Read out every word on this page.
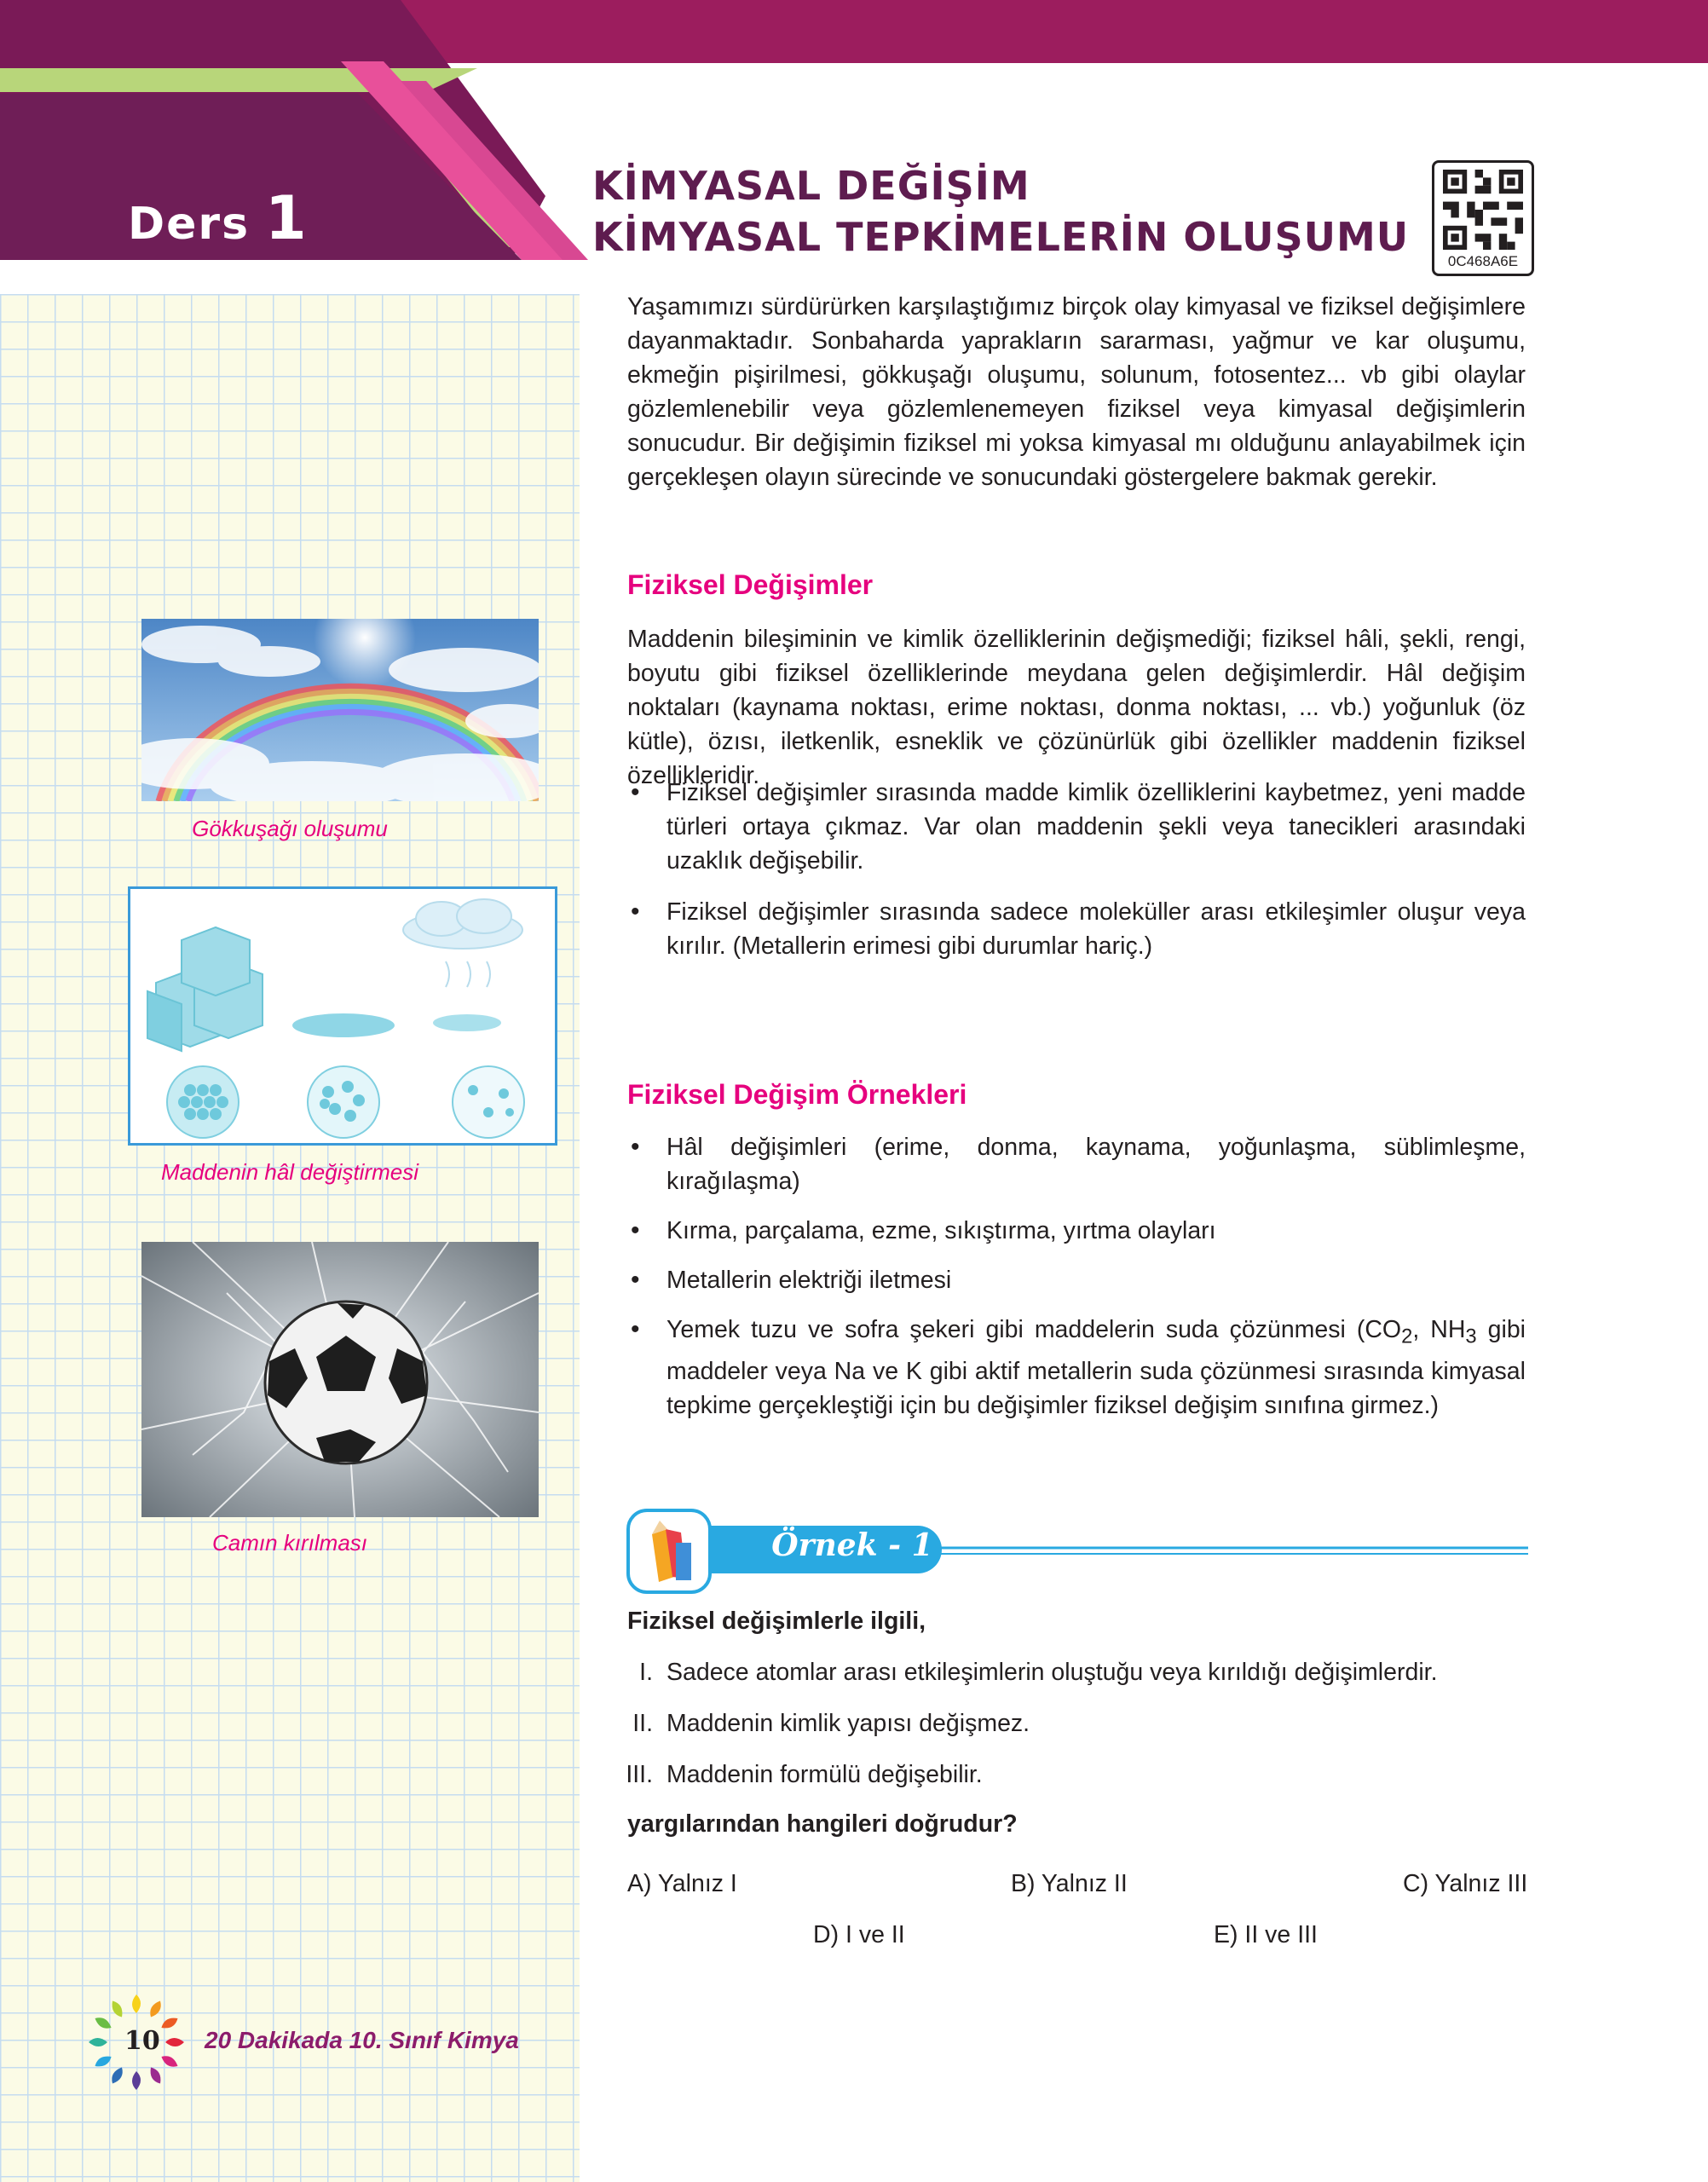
Ders 1	KİMYASAL DEĞİŞİM
KİMYASAL TEPKİMELERİN OLUŞUMU
0C468A6E
Gökkuşağı oluşumu
Maddenin hâl değiştirmesi
Camın kırılması

Yaşamımızı sürdürürken karşılaştığımız birçok olay kimyasal ve fiziksel değişimlere dayanmaktadır. Sonbaharda yaprakların sararması, yağmur ve kar oluşumu, ekmeğin pişirilmesi, gökkuşağı oluşumu, solunum, fotosentez... vb gibi olaylar gözlemlenebilir veya gözlemlenemeyen fiziksel veya kimyasal değişimlerin sonucudur. Bir değişimin fiziksel mi yoksa kimyasal mı olduğunu anlayabilmek için gerçekleşen olayın sürecinde ve sonucundaki göstergelere bakmak gerekir.

Fiziksel Değişimler

Maddenin bileşiminin ve kimlik özelliklerinin değişmediği; fiziksel hâli, şekli, rengi, boyutu gibi fiziksel özelliklerinde meydana gelen değişimlerdir. Hâl değişim noktaları (kaynama noktası, erime noktası, donma noktası, ... vb.) yoğunluk (öz kütle), özısı, iletkenlik, esneklik ve çözünürlük gibi özellikler maddenin fiziksel özellikleridir.

• Fiziksel değişimler sırasında madde kimlik özelliklerini kaybetmez, yeni madde türleri ortaya çıkmaz. Var olan maddenin şekli veya tanecikleri arasındaki uzaklık değişebilir.
• Fiziksel değişimler sırasında sadece moleküller arası etkileşimler oluşur veya kırılır. (Metallerin erimesi gibi durumlar hariç.)
Fiziksel Değişim Örnekleri
• Hâl değişimleri (erime, donma, kaynama, yoğunlaşma, süblimleşme, kırağılaşma)
• Kırma, parçalama, ezme, sıkıştırma, yırtma olayları
• Metallerin elektriği iletmesi
• Yemek tuzu ve sofra şekeri gibi maddelerin suda çözünmesi ($CO_2$, $NH_3$ gibi maddeler veya Na ve K gibi aktif metallerin suda çözünmesi sırasında kimyasal tepkime gerçekleştiği için bu değişimler fiziksel değişim sınıfına girmez.)
Örnek - 1

Fiziksel değişimlerle ilgili,

I. Sadece atomlar arası etkileşimlerin oluştuğu veya kırıldığı değişimlerdir.
II. Maddenin kimlik yapısı değişmez.
III. Maddenin formülü değişebilir.

yargılarından hangileri doğrudur?

A) Yalnız I	B) Yalnız II	C) Yalnız III
D) I ve II	E) II ve III
10 20 Dakikada 10. Sınıf Kimya
